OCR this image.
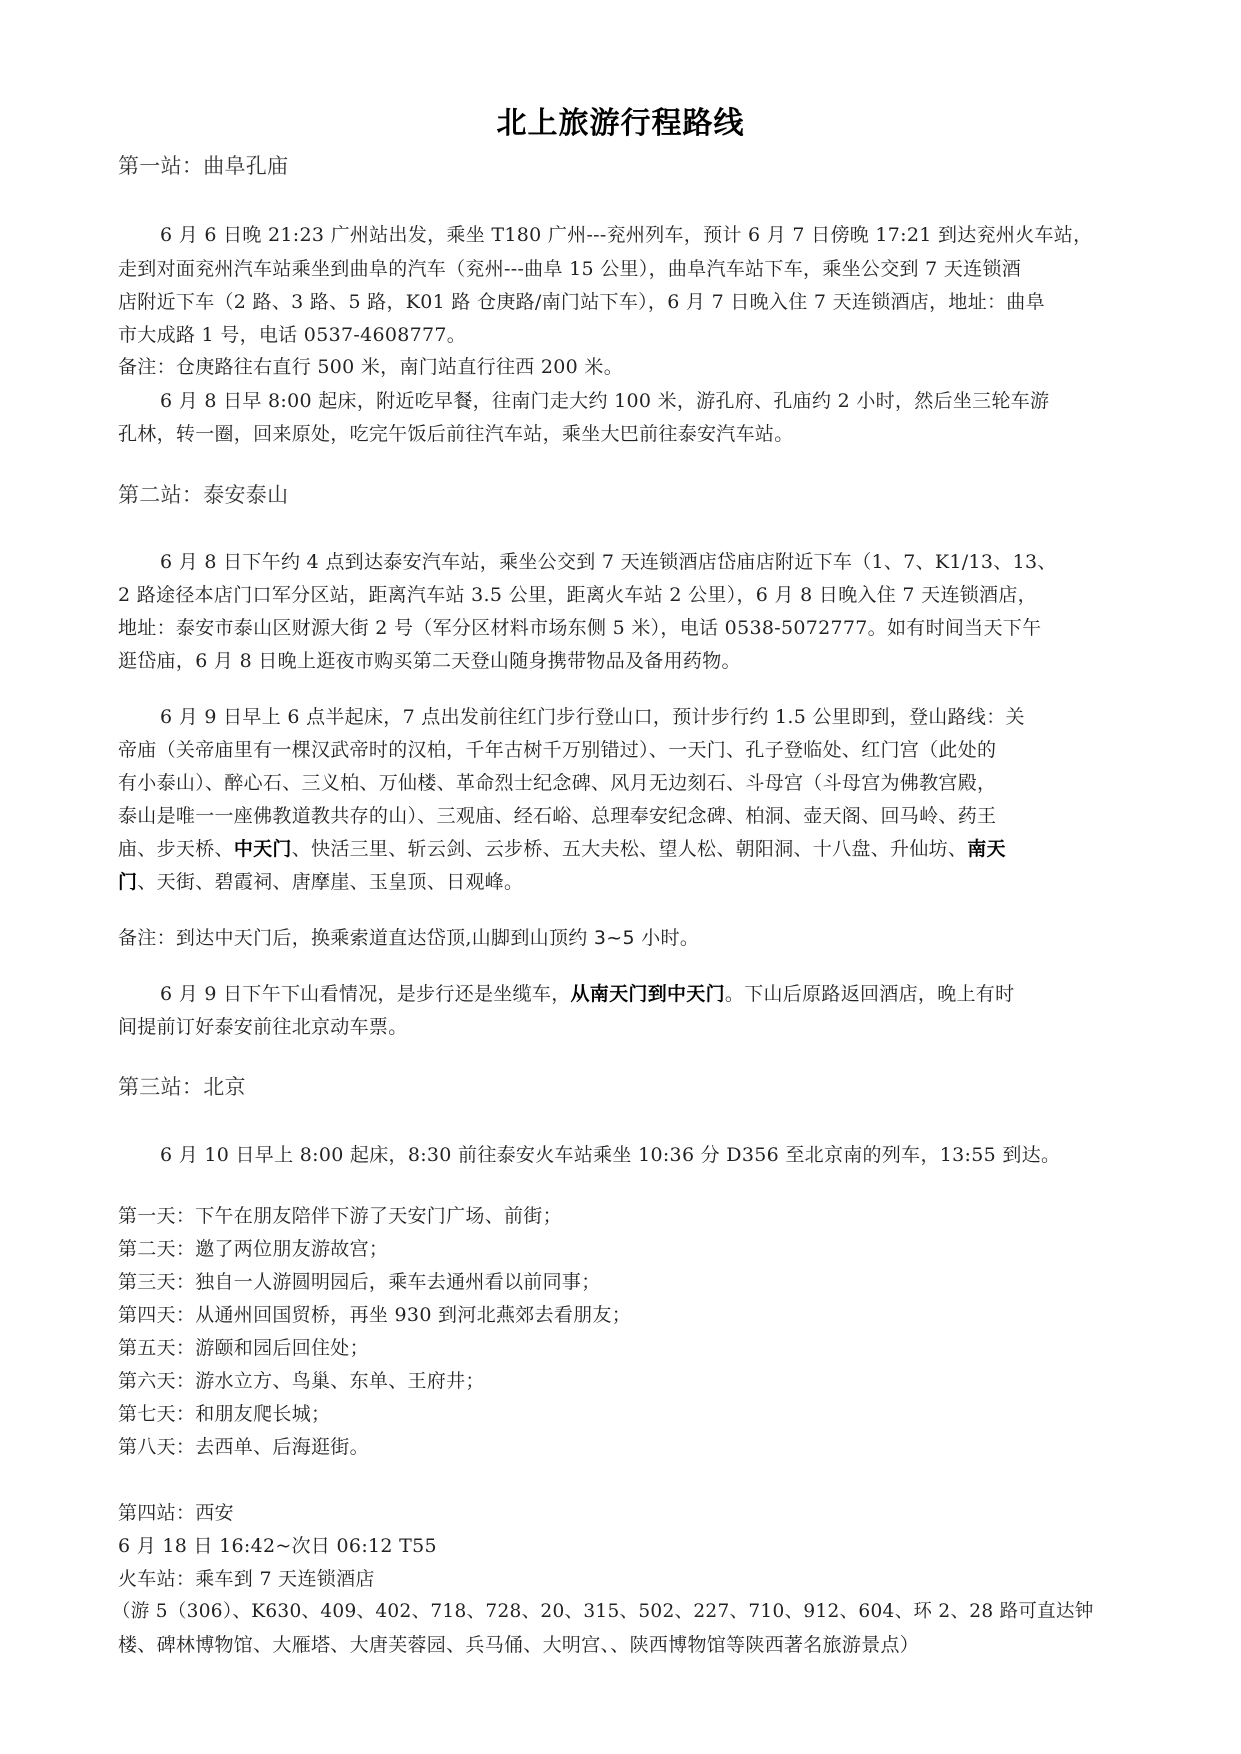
北上旅游行程路线
第一站：曲阜孔庙
6 月 6 日晚 21:23 广州站出发，乘坐 T180 广州---兖州列车，预计 6 月 7 日傍晚 17:21 到达兖州火车站，
走到对面兖州汽车站乘坐到曲阜的汽车（兖州---曲阜 15 公里），曲阜汽车站下车，乘坐公交到 7 天连锁酒
店附近下车（2 路、3 路、5 路，K01 路 仓庚路/南门站下车），6 月 7 日晚入住 7 天连锁酒店，地址：曲阜
市大成路 1 号，电话 0537-4608777。
备注：仓庚路往右直行 500 米，南门站直行往西 200 米。
6 月 8 日早 8:00 起床，附近吃早餐，往南门走大约 100 米，游孔府、孔庙约 2 小时，然后坐三轮车游
孔林，转一圈，回来原处，吃完午饭后前往汽车站，乘坐大巴前往泰安汽车站。
第二站：泰安泰山
6 月 8 日下午约 4 点到达泰安汽车站，乘坐公交到 7 天连锁酒店岱庙店附近下车（1、7、K1/13、13、
2 路途径本店门口军分区站，距离汽车站 3.5 公里，距离火车站 2 公里），6 月 8 日晚入住 7 天连锁酒店，
地址：泰安市泰山区财源大街 2 号（军分区材料市场东侧 5 米），电话 0538-5072777。如有时间当天下午
逛岱庙，6 月 8 日晚上逛夜市购买第二天登山随身携带物品及备用药物。
6 月 9 日早上 6 点半起床，7 点出发前往红门步行登山口，预计步行约 1.5 公里即到，登山路线：关
帝庙（关帝庙里有一棵汉武帝时的汉柏，千年古树千万别错过）、一天门、孔子登临处、红门宫（此处的
有小泰山）、醉心石、三义柏、万仙楼、革命烈士纪念碑、风月无边刻石、斗母宫（斗母宫为佛教宫殿，
泰山是唯一一座佛教道教共存的山）、三观庙、经石峪、总理奉安纪念碑、柏洞、壶天阁、回马岭、药王
庙、步天桥、中天门、快活三里、斩云剑、云步桥、五大夫松、望人松、朝阳洞、十八盘、升仙坊、南天
门、天街、碧霞祠、唐摩崖、玉皇顶、日观峰。
备注：到达中天门后，换乘索道直达岱顶,山脚到山顶约 3~5 小时。
6 月 9 日下午下山看情况，是步行还是坐缆车，从南天门到中天门。下山后原路返回酒店，晚上有时
间提前订好泰安前往北京动车票。
第三站：北京
6 月 10 日早上 8:00 起床，8:30 前往泰安火车站乘坐 10:36 分 D356 至北京南的列车，13:55 到达。
第一天：下午在朋友陪伴下游了天安门广场、前街；
第二天：邀了两位朋友游故宫；
第三天：独自一人游圆明园后，乘车去通州看以前同事；
第四天：从通州回国贸桥，再坐 930 到河北燕郊去看朋友；
第五天：游颐和园后回住处；
第六天：游水立方、鸟巢、东单、王府井；
第七天：和朋友爬长城；
第八天：去西单、后海逛街。
第四站：西安
6 月 18 日 16:42~次日 06:12 T55
火车站：乘车到 7 天连锁酒店
（游 5（306）、K630、409、402、718、728、20、315、502、227、710、912、604、环 2、28 路可直达钟
楼、碑林博物馆、大雁塔、大唐芙蓉园、兵马俑、大明宫、、陕西博物馆等陕西著名旅游景点）
